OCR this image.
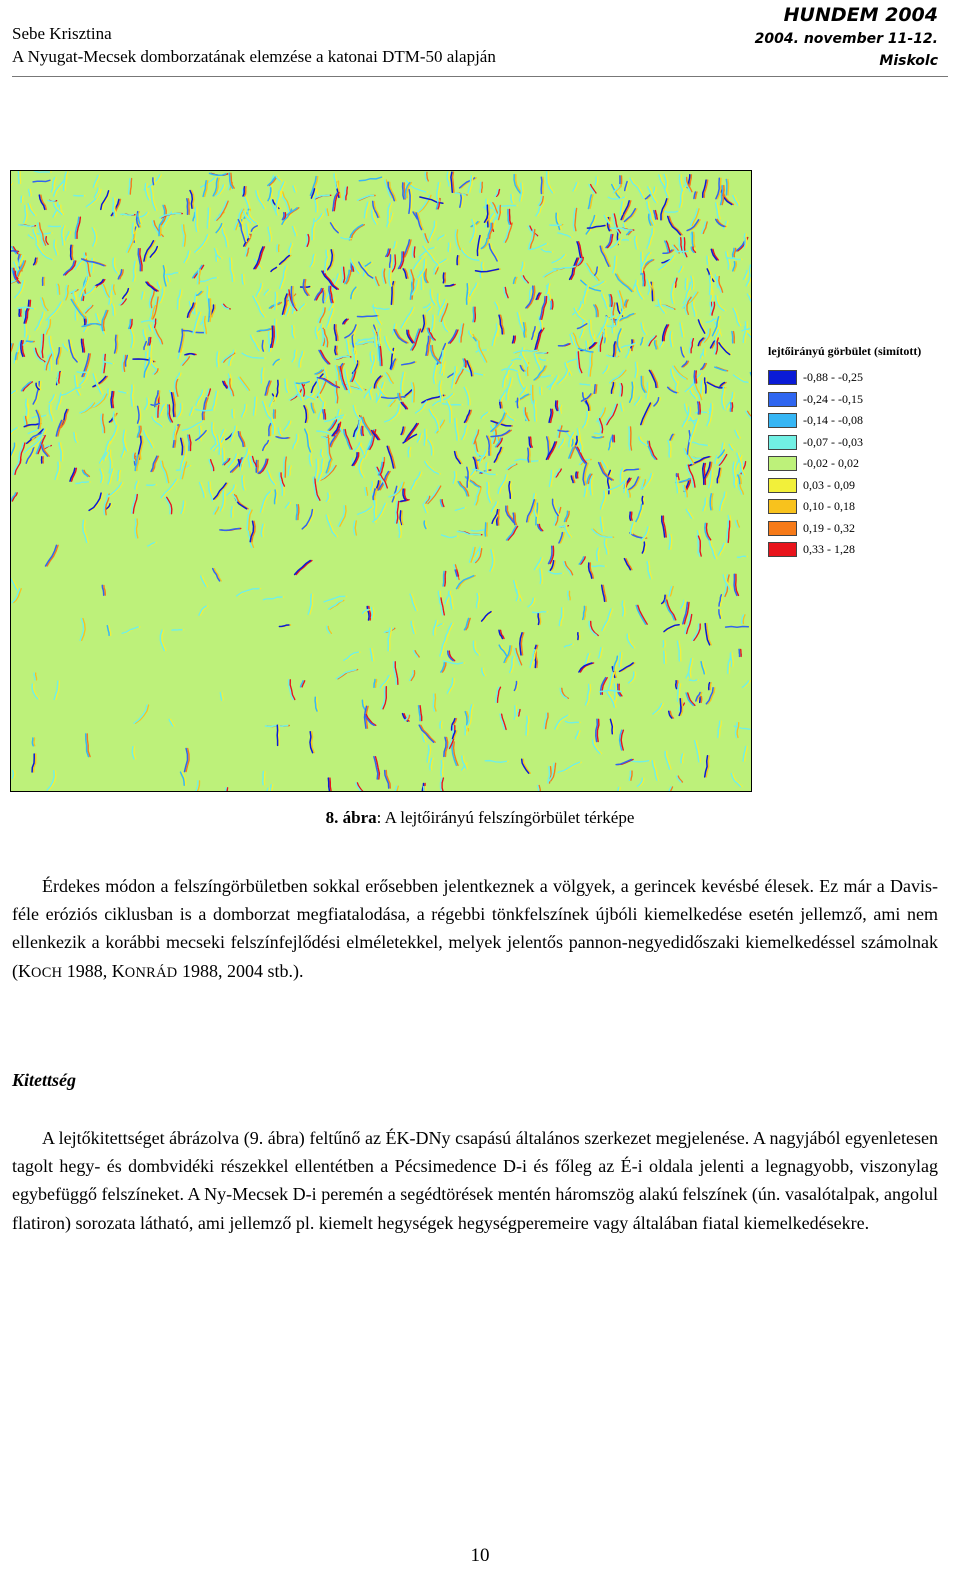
Sebe Krisztina
A Nyugat-Mecsek domborzatának elemzése a katonai DTM-50 alapján
HUNDEM 2004
2004. november 11-12.
Miskolc
lejtőirányú görbület (simított)
-0,88 - -0,25
-0,24 - -0,15
-0,14 - -0,08
-0,07 - -0,03
-0,02 - 0,02
0,03 - 0,09
0,10 - 0,18
0,19 - 0,32
0,33 - 1,28
8. ábra: A lejtőirányú felszíngörbület térképe
Érdekes módon a felszíngörbületben sokkal erősebben jelentkeznek a völgyek, a gerincek kevésbé élesek. Ez már a Davis-féle eróziós ciklusban is a domborzat megfiatalodása, a régebbi tönkfelszínek újbóli kiemelkedése esetén jellemző, ami nem ellenkezik a korábbi mecseki felszínfejlődési elméletekkel, melyek jelentős pannon-negyedidőszaki kiemelkedéssel számolnak (KOCH 1988, KONRÁD 1988, 2004 stb.).
Kitettség
A lejtőkitettséget ábrázolva (9. ábra) feltűnő az ÉK-DNy csapású általános szerkezet megjelenése. A nagyjából egyenletesen tagolt hegy- és dombvidéki részekkel ellentétben a Pécsimedence D-i és főleg az É-i oldala jelenti a legnagyobb, viszonylag egybefüggő felszíneket. A Ny-Mecsek D-i peremén a segédtörések mentén háromszög alakú felszínek (ún. vasalótalpak, angolul flatiron) sorozata látható, ami jellemző pl. kiemelt hegységek hegységperemeire vagy általában fiatal kiemelkedésekre.
10
